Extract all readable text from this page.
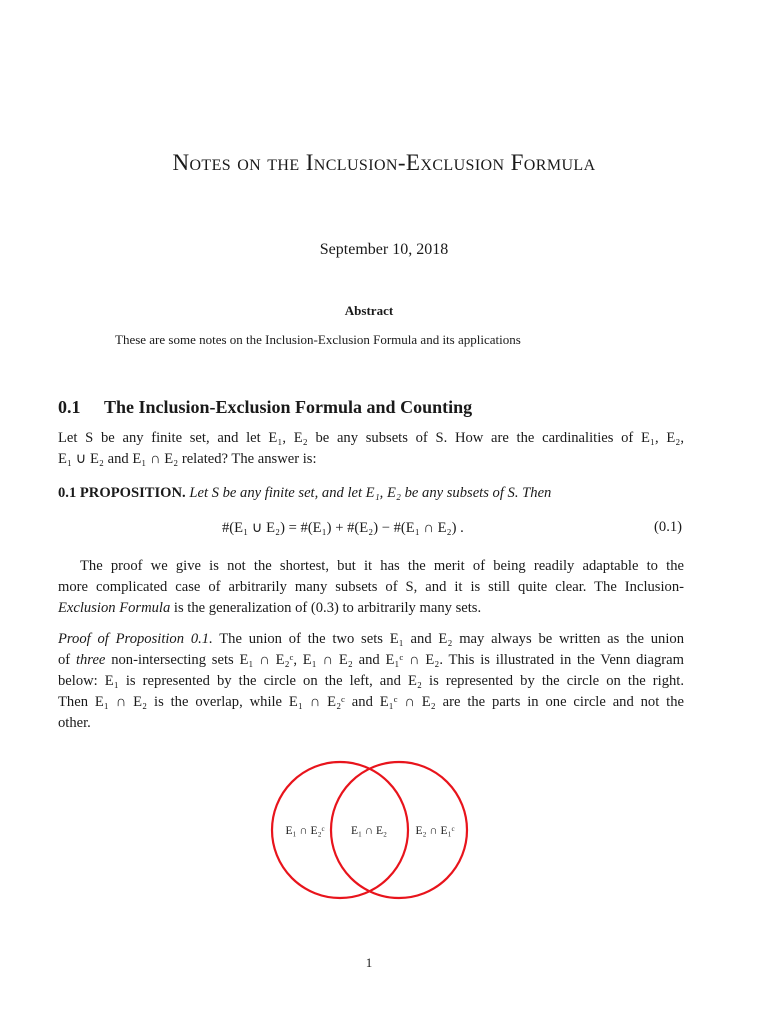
Notes on the Inclusion-Exclusion Formula
September 10, 2018
Abstract
These are some notes on the Inclusion-Exclusion Formula and its applications
0.1 The Inclusion-Exclusion Formula and Counting
Let S be any finite set, and let E₁, E₂ be any subsets of S. How are the cardinalities of E₁, E₂,
E₁ ∪ E₂ and E₁ ∩ E₂ related? The answer is:
0.1 PROPOSITION. Let S be any finite set, and let E₁, E₂ be any subsets of S. Then
#(E₁ ∪ E₂) = #(E₁) + #(E₂) − #(E₁ ∩ E₂) .	(0.1)
The proof we give is not the shortest, but it has the merit of being readily adaptable to the
more complicated case of arbitrarily many subsets of S, and it is still quite clear. The Inclusion-
Exclusion Formula is the generalization of (0.3) to arbitrarily many sets.
Proof of Proposition 0.1. The union of the two sets E₁ and E₂ may always be written as the union
of three non-intersecting sets E₁ ∩ E₂ᶜ, E₁ ∩ E₂ and E₁ᶜ ∩ E₂. This is illustrated in the Venn diagram
below: E₁ is represented by the circle on the left, and E₂ is represented by the circle on the right.
Then E₁ ∩ E₂ is the overlap, while E₁ ∩ E₂ᶜ and E₁ᶜ ∩ E₂ are the parts in one circle and not the
other.
E₁ ∩ E₂ᶜ E₁ ∩ E₂ E₂ ∩ E₁ᶜ
1
